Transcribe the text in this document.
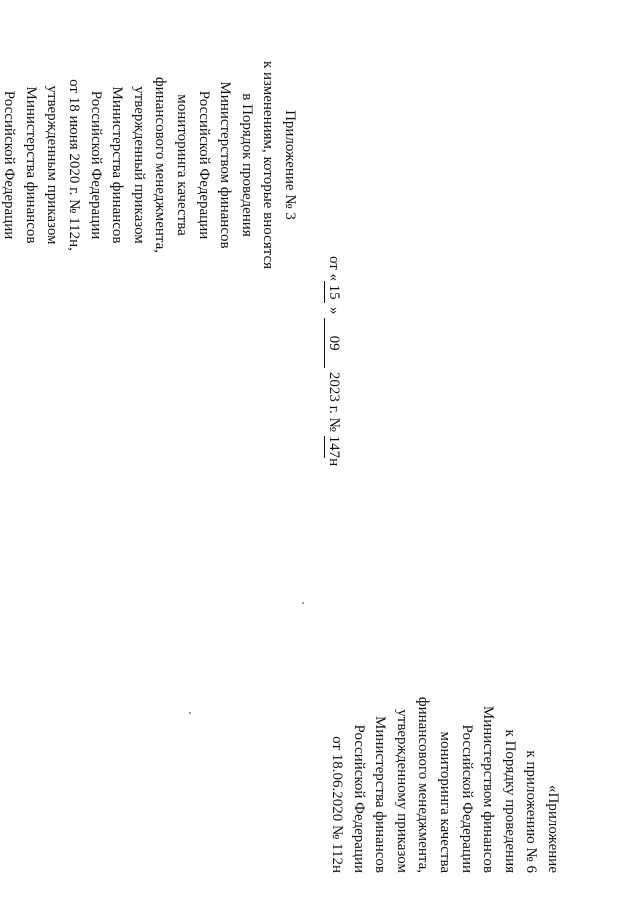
Приложение № 3
к изменениям, которые вносятся
в Порядок проведения
Министерством финансов
Российской Федерации
мониторинга качества
финансового менеджмента,
утвержденный приказом
Министерства финансов
Российской Федерации
от 18 июня 2020 г. № 112н,
утвержденным приказом
Министерства финансов
Российской Федерации
от «15 » 09 2023 г. № 147н
«Приложение
к приложению № 6
к Порядку проведения
Министерством финансов
Российской Федерации
мониторинга качества
финансового менеджмента,
утвержденному приказом
Министерства финансов
Российской Федерации
от 18.06.2020 № 112н
